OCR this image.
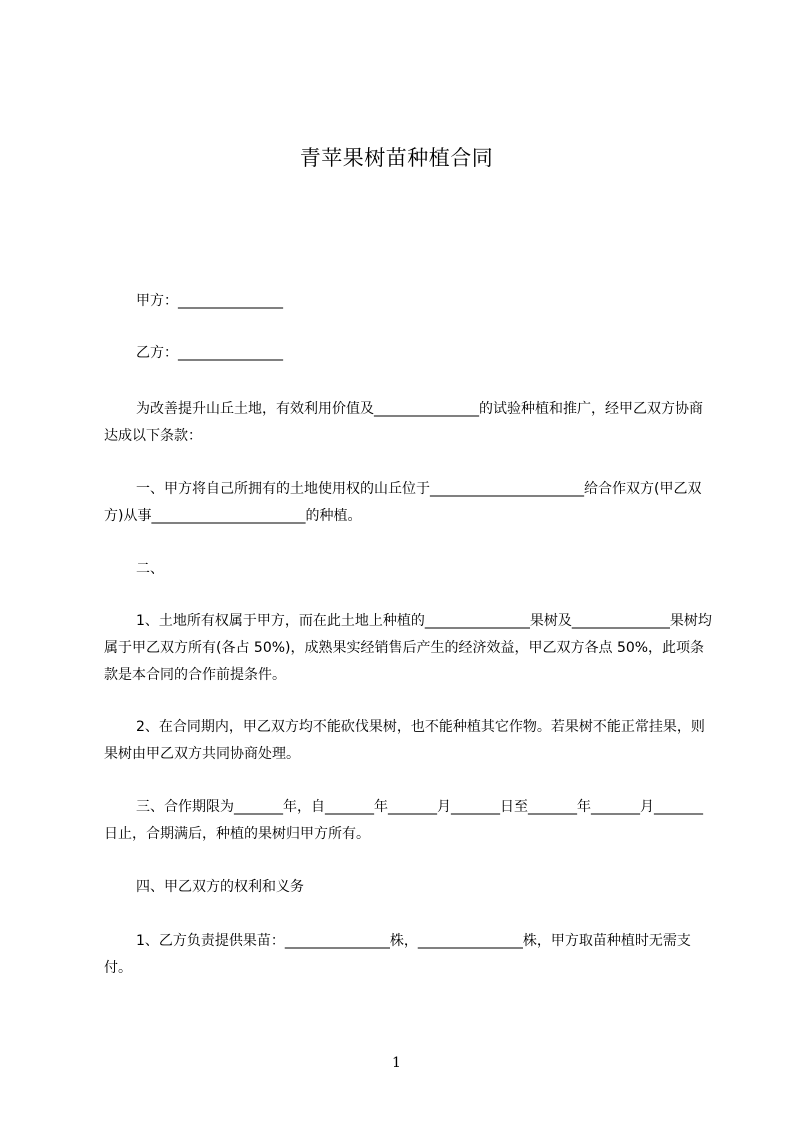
青苹果树苗种植合同

甲方：_______________

乙方：_______________

为改善提升山丘土地，有效利用价值及_______________的试验种植和推广，经甲乙双方协商达成以下条款：

一、甲方将自己所拥有的土地使用权的山丘位于______________________给合作双方(甲乙双方)从事______________________的种植。

二、

1、土地所有权属于甲方，而在此土地上种植的_______________果树及______________果树均属于甲乙双方所有(各占 50%)，成熟果实经销售后产生的经济效益，甲乙双方各点 50%，此项条款是本合同的合作前提条件。

2、在合同期内，甲乙双方均不能砍伐果树，也不能种植其它作物。若果树不能正常挂果，则果树由甲乙双方共同协商处理。

三、合作期限为_______年，自_______年_______月_______日至_______年_______月_______日止，合期满后，种植的果树归甲方所有。

四、甲乙双方的权利和义务

1、乙方负责提供果苗：_______________株，_______________株，甲方取苗种植时无需支付。

1
